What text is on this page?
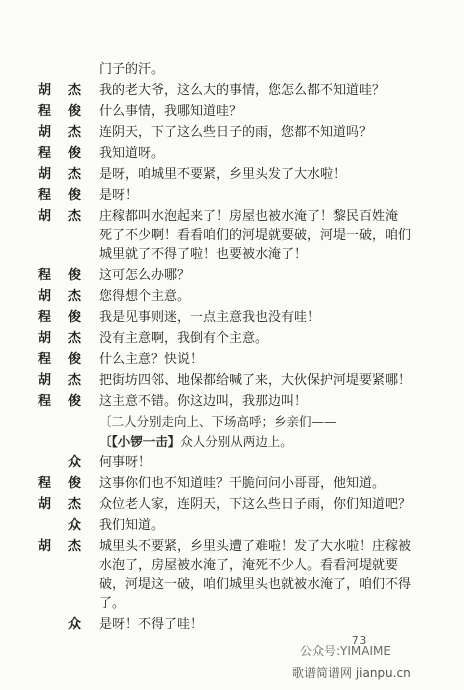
门子的汗。
胡 杰 我的老大爷，这么大的事情，您怎么都不知道哇？
程 俊 什么事情，我哪知道哇？
胡 杰 连阴天，下了这么些日子的雨，您都不知道吗？
程 俊 我知道呀。
胡 杰 是呀，咱城里不要紧，乡里头发了大水啦！
程 俊 是呀！
胡 杰 庄稼都叫水泡起来了！房屋也被水淹了！黎民百姓淹
死了不少啊！看看咱们的河堤就要破，河堤一破，咱们
城里就了不得了啦！也要被水淹了！
程 俊 这可怎么办哪？
胡 杰 您得想个主意。
程 俊 我是见事则迷，一点主意我也没有哇！
胡 杰 没有主意啊，我倒有个主意。
程 俊 什么主意？快说！
胡 杰 把街坊四邻、地保都给喊了来，大伙保护河堤要紧哪！
程 俊 这主意不错。你这边叫，我那边叫！
〔二人分别走向上、下场高呼；乡亲们——
〔【小锣一击】众人分别从两边上。
众 何事呀！
程 俊 这事你们也不知道哇？干脆问问小哥哥，他知道。
胡 杰 众位老人家，连阴天，下这么些日子雨，你们知道吧？
众 我们知道。
胡 杰 城里头不要紧，乡里头遭了难啦！发了大水啦！庄稼被
水泡了，房屋被水淹了，淹死不少人。看看河堤就要
破，河堤这一破，咱们城里头也就被水淹了，咱们不得
了。
众 是呀！不得了哇！
73
公众号:YIMAIME
歌谱简谱网 jianpu.cn
